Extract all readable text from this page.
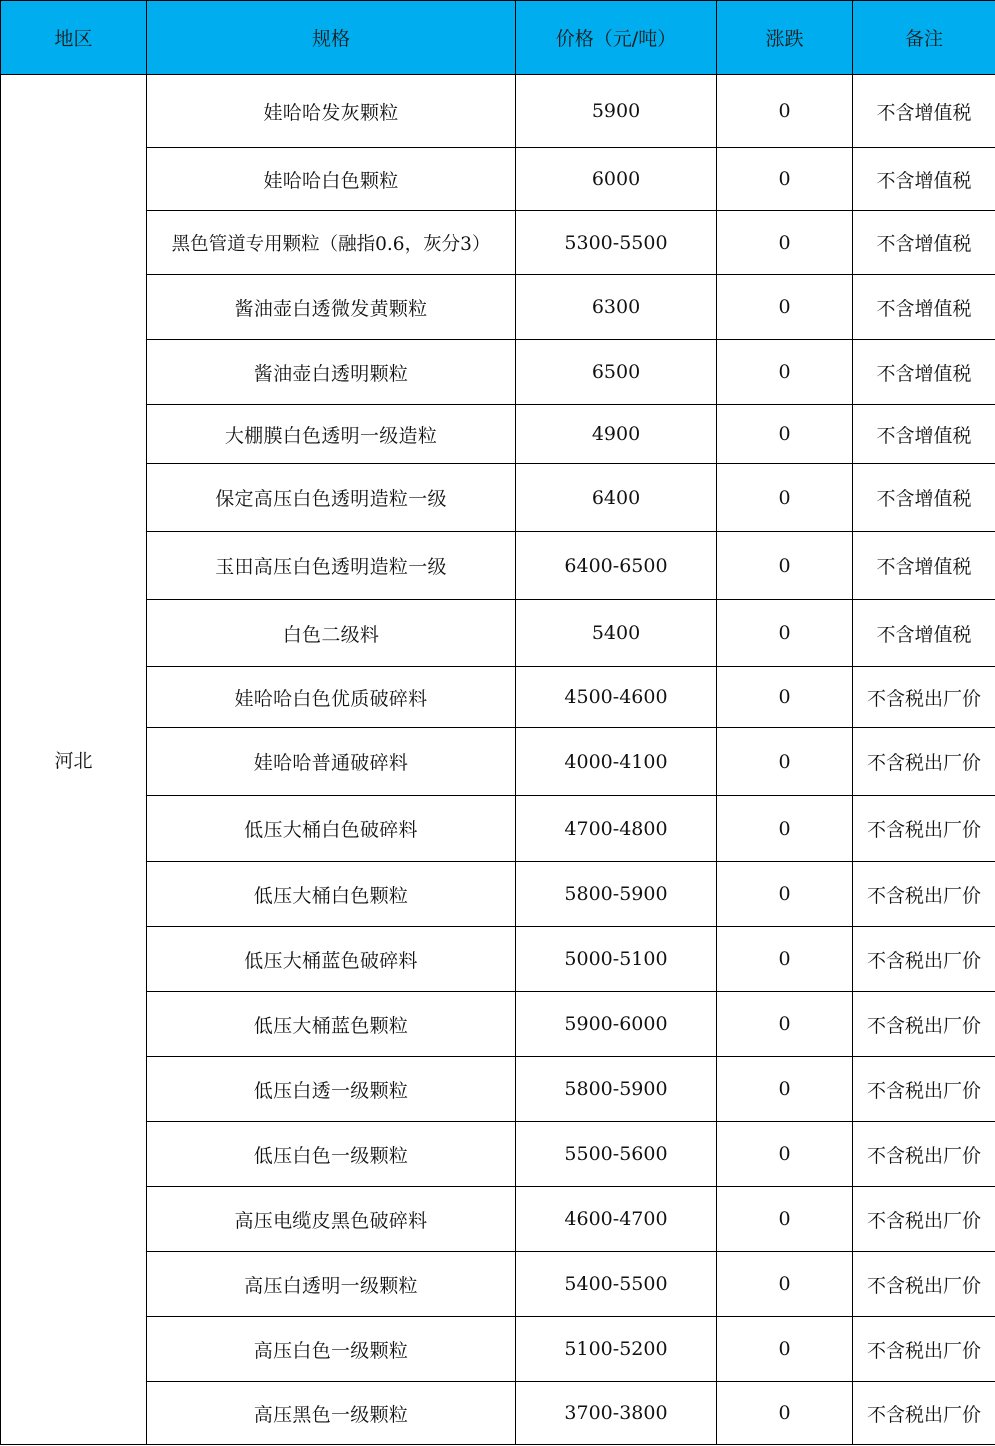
地区	规格	价格（元/吨）	涨跌	备注
河北	娃哈哈发灰颗粒	5900	0	不含增值税
	娃哈哈白色颗粒	6000	0	不含增值税
	黑色管道专用颗粒（融指0.6，灰分3）	5300-5500	0	不含增值税
	酱油壶白透微发黄颗粒	6300	0	不含增值税
	酱油壶白透明颗粒	6500	0	不含增值税
	大棚膜白色透明一级造粒	4900	0	不含增值税
	保定高压白色透明造粒一级	6400	0	不含增值税
	玉田高压白色透明造粒一级	6400-6500	0	不含增值税
	白色二级料	5400	0	不含增值税
	娃哈哈白色优质破碎料	4500-4600	0	不含税出厂价
	娃哈哈普通破碎料	4000-4100	0	不含税出厂价
	低压大桶白色破碎料	4700-4800	0	不含税出厂价
	低压大桶白色颗粒	5800-5900	0	不含税出厂价
	低压大桶蓝色破碎料	5000-5100	0	不含税出厂价
	低压大桶蓝色颗粒	5900-6000	0	不含税出厂价
	低压白透一级颗粒	5800-5900	0	不含税出厂价
	低压白色一级颗粒	5500-5600	0	不含税出厂价
	高压电缆皮黑色破碎料	4600-4700	0	不含税出厂价
	高压白透明一级颗粒	5400-5500	0	不含税出厂价
	高压白色一级颗粒	5100-5200	0	不含税出厂价
	高压黑色一级颗粒	3700-3800	0	不含税出厂价
